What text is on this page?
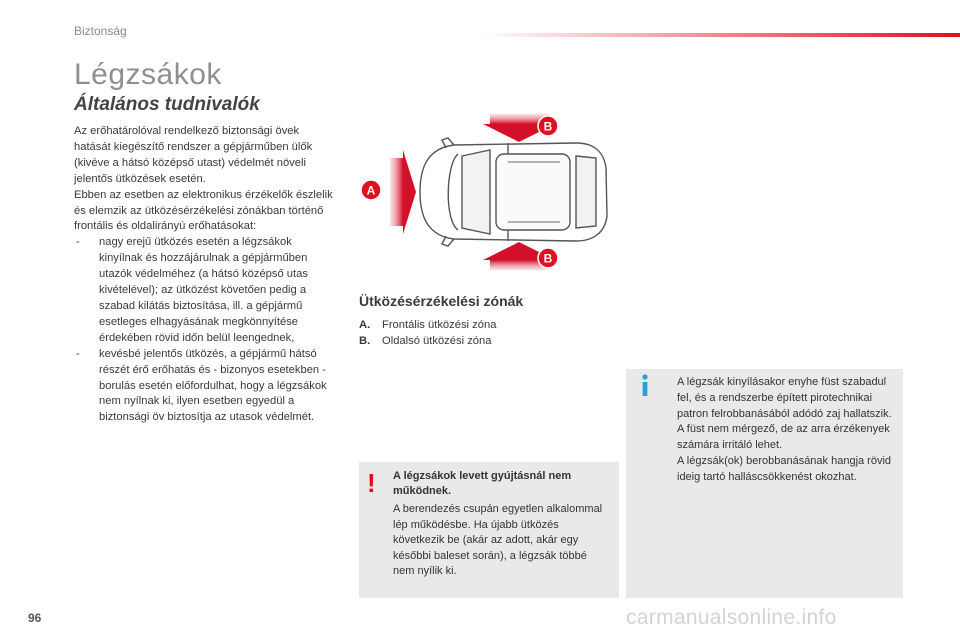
Biztonság
Légzsákok
Általános tudnivalók

Az erőhatárolóval rendelkező biztonsági övek hatását kiegészítő rendszer a gépjárműben ülők (kivéve a hátsó középső utast) védelmét növeli jelentős ütközések esetén.

Ebben az esetben az elektronikus érzékelők észlelik és elemzik az ütközésérzékelési zónákban történő frontális és oldalirányú erőhatásokat:

- nagy erejű ütközés esetén a légzsákok kinyílnak és hozzájárulnak a gépjárműben utazók védelméhez (a hátsó középső utas kivételével); az ütközést követően pedig a szabad kilátás biztosítása, ill. a gépjármű esetleges elhagyásának megkönnyítése érdekében rövid időn belül leengednek,
- kevésbé jelentős ütközés, a gépjármű hátsó részét érő erőhatás és - bizonyos esetekben - borulás esetén előfordulhat, hogy a légzsákok nem nyílnak ki, ilyen esetben egyedül a biztonsági öv biztosítja az utasok védelmét.
A
B
B
Ütközésérzékelési zónák
A. Frontális ütközési zóna
B. Oldalsó ütközési zóna
! A légzsákok levett gyújtásnál nem működnek.
A berendezés csupán egyetlen alkalommal lép működésbe. Ha újabb ütközés következik be (akár az adott, akár egy későbbi baleset során), a légzsák többé nem nyílik ki.
A légzsák kinyílásakor enyhe füst szabadul fel, és a rendszerbe épített pirotechnikai patron felrobbanásából adódó zaj hallatszik.
A füst nem mérgező, de az arra érzékenyek számára irritáló lehet.
A légzsák(ok) berobbanásának hangja rövid ideig tartó halláscsökkenést okozhat.
96	carmanualsonline.info
